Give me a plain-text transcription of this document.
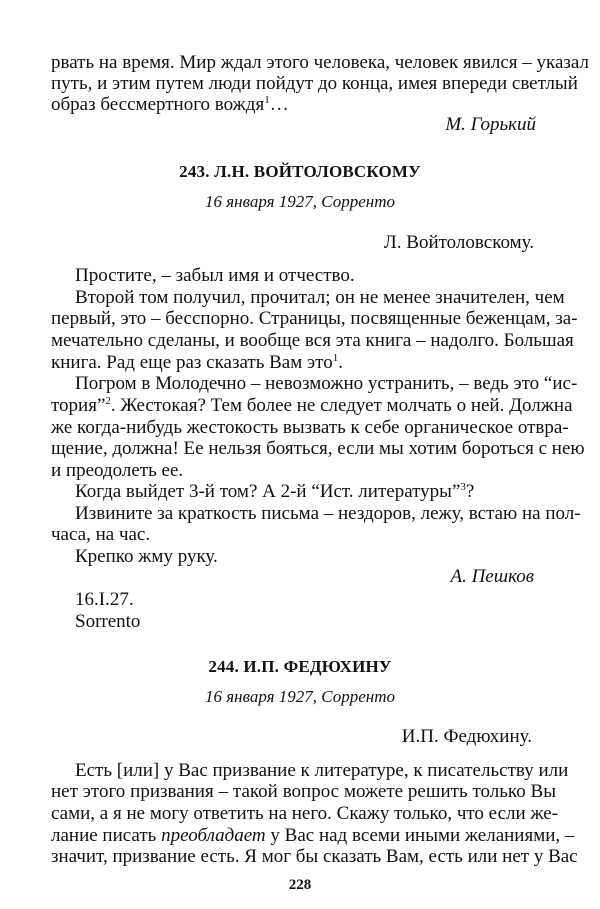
рвать на время. Мир ждал этого человека, человек явился – указал
путь, и этим путем люди пойдут до конца, имея впереди светлый
образ бессмертного вождя$^1$…
М. Горький
243. Л.Н. ВОЙТОЛОВСКОМУ
16 января 1927, Сорренто
Л. Войтоловскому.
Простите, – забыл имя и отчество.
Второй том получил, прочитал; он не менее значителен, чем
первый, это – бесспорно. Страницы, посвященные беженцам, за-
мечательно сделаны, и вообще вся эта книга – надолго. Большая
книга. Рад еще раз сказать Вам это$^1$.
Погром в Молодечно – невозможно устранить, – ведь это “ис-
тория”$^2$. Жестокая? Тем более не следует молчать о ней. Должна
же когда-нибудь жестокость вызвать к себе органическое отвра-
щение, должна! Ее нельзя бояться, если мы хотим бороться с нею
и преодолеть ее.
Когда выйдет 3-й том? А 2-й “Ист. литературы”$^3$?
Извините за краткость письма – нездоров, лежу, встаю на пол-
часа, на час.
Крепко жму руку.
А. Пешков
16.I.27.
Sorrento
244. И.П. ФЕДЮХИНУ
16 января 1927, Сорренто
И.П. Федюхину.
Есть [или] у Вас призвание к литературе, к писательству или
нет этого призвания – такой вопрос можете решить только Вы
сами, а я не могу ответить на него. Скажу только, что если же-
лание писать преобладает у Вас над всеми иными желаниями, –
значит, призвание есть. Я мог бы сказать Вам, есть или нет у Вас
228
